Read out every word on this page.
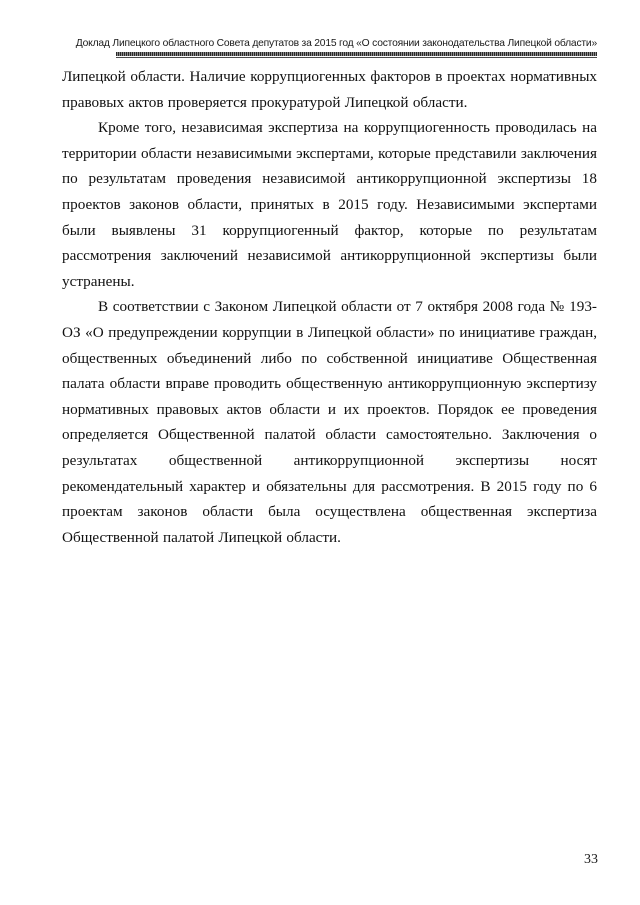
Доклад Липецкого областного Совета депутатов за 2015 год «О состоянии законодательства Липецкой области»

Липецкой области. Наличие коррупциогенных факторов в проектах нормативных правовых актов проверяется прокуратурой Липецкой области.

Кроме того, независимая экспертиза на коррупциогенность проводилась на территории области независимыми экспертами, которые представили заключения по результатам проведения независимой антикоррупционной экспертизы 18 проектов законов области, принятых в 2015 году. Независимыми экспертами были выявлены 31 коррупциогенный фактор, которые по результатам рассмотрения заключений независимой антикоррупционной экспертизы были устранены.

В соответствии с Законом Липецкой области от 7 октября 2008 года № 193-ОЗ «О предупреждении коррупции в Липецкой области» по инициативе граждан, общественных объединений либо по собственной инициативе Общественная палата области вправе проводить общественную антикоррупционную экспертизу нормативных правовых актов области и их проектов. Порядок ее проведения определяется Общественной палатой области самостоятельно. Заключения о результатах общественной антикоррупционной экспертизы носят рекомендательный характер и обязательны для рассмотрения. В 2015 году по 6 проектам законов области была осуществлена общественная экспертиза Общественной палатой Липецкой области.

33
